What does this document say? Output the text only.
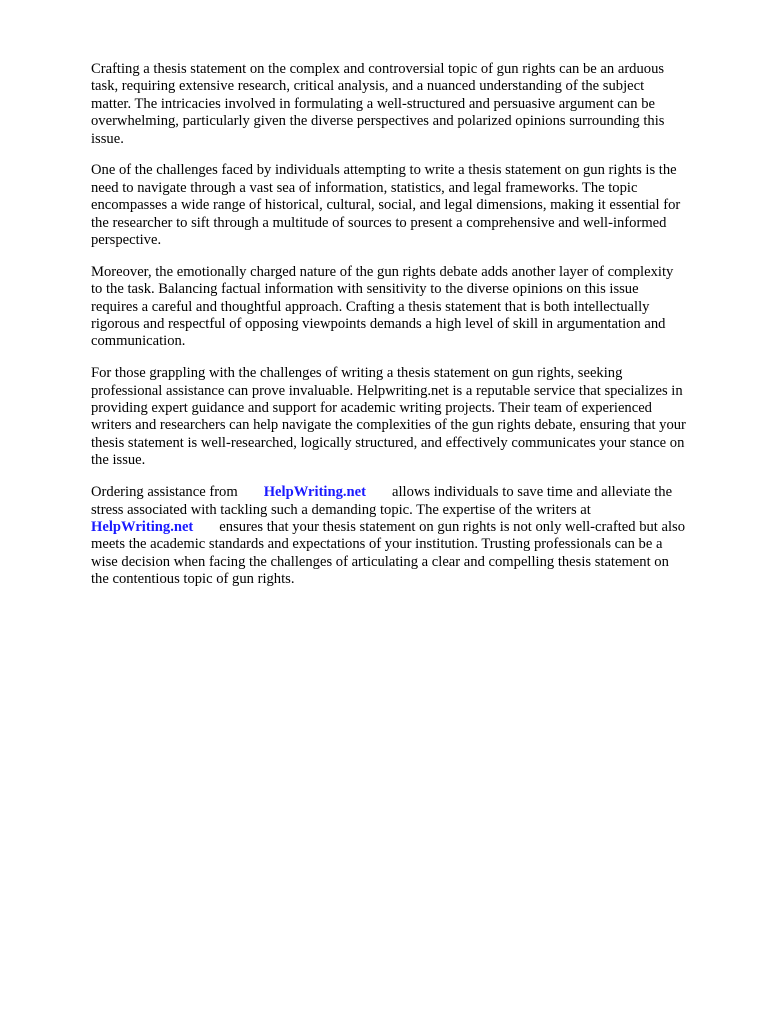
Crafting a thesis statement on the complex and controversial topic of gun rights can be an arduous
task, requiring extensive research, critical analysis, and a nuanced understanding of the subject
matter. The intricacies involved in formulating a well-structured and persuasive argument can be
overwhelming, particularly given the diverse perspectives and polarized opinions surrounding this
issue.

One of the challenges faced by individuals attempting to write a thesis statement on gun rights is the
need to navigate through a vast sea of information, statistics, and legal frameworks. The topic
encompasses a wide range of historical, cultural, social, and legal dimensions, making it essential for
the researcher to sift through a multitude of sources to present a comprehensive and well-informed
perspective.

Moreover, the emotionally charged nature of the gun rights debate adds another layer of complexity
to the task. Balancing factual information with sensitivity to the diverse opinions on this issue
requires a careful and thoughtful approach. Crafting a thesis statement that is both intellectually
rigorous and respectful of opposing viewpoints demands a high level of skill in argumentation and
communication.

For those grappling with the challenges of writing a thesis statement on gun rights, seeking
professional assistance can prove invaluable. Helpwriting.net is a reputable service that specializes in
providing expert guidance and support for academic writing projects. Their team of experienced
writers and researchers can help navigate the complexities of the gun rights debate, ensuring that your
thesis statement is well-researched, logically structured, and effectively communicates your stance on
the issue.

Ordering assistance from HelpWriting.net allows individuals to save time and alleviate the
stress associated with tackling such a demanding topic. The expertise of the writers at
HelpWriting.net ensures that your thesis statement on gun rights is not only well-crafted but also
meets the academic standards and expectations of your institution. Trusting professionals can be a
wise decision when facing the challenges of articulating a clear and compelling thesis statement on
the contentious topic of gun rights.
